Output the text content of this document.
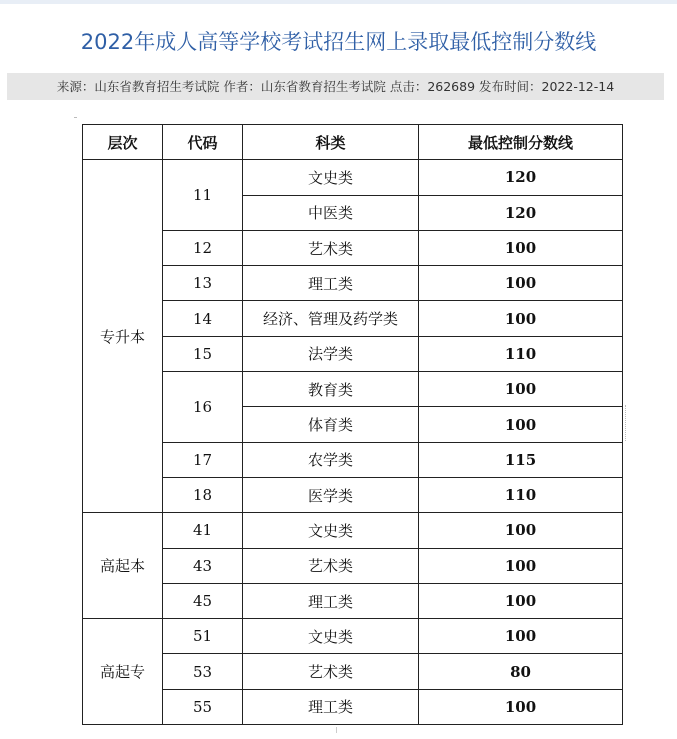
2022年成人高等学校考试招生网上录取最低控制分数线
来源：山东省教育招生考试院 作者：山东省教育招生考试院 点击：262689 发布时间：2022-12-14
层次	代码	科类	最低控制分数线
专升本	11	文史类	120
		中医类	120
	12	艺术类	100
	13	理工类	100
	14	经济、管理及药学类	100
	15	法学类	110
	16	教育类	100
		体育类	100
	17	农学类	115
	18	医学类	110
高起本	41	文史类	100
	43	艺术类	100
	45	理工类	100
高起专	51	文史类	100
	53	艺术类	80
	55	理工类	100
